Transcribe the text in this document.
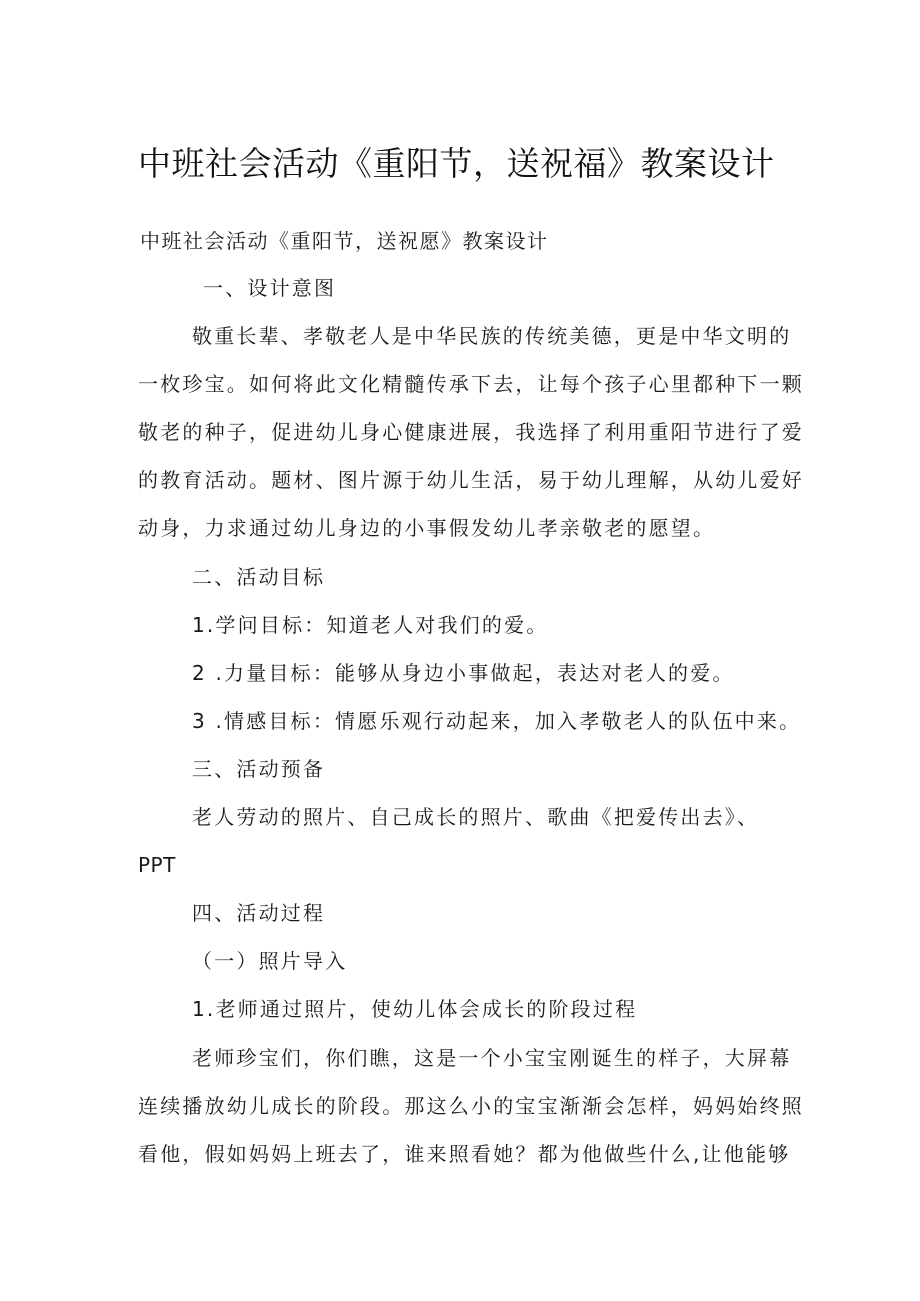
中班社会活动《重阳节，送祝福》教案设计
中班社会活动《重阳节，送祝愿》教案设计
一、设计意图
敬重长辈、孝敬老人是中华民族的传统美德，更是中华文明的
一枚珍宝。如何将此文化精髓传承下去，让每个孩子心里都种下一颗
敬老的种子，促进幼儿身心健康进展，我选择了利用重阳节进行了爱
的教育活动。题材、图片源于幼儿生活，易于幼儿理解，从幼儿爱好
动身，力求通过幼儿身边的小事假发幼儿孝亲敬老的愿望。
二、活动目标
1.学问目标：知道老人对我们的爱。
2 .力量目标：能够从身边小事做起，表达对老人的爱。
3 .情感目标：情愿乐观行动起来，加入孝敬老人的队伍中来。
三、活动预备
老人劳动的照片、自己成长的照片、歌曲《把爱传出去》、
PPT
四、活动过程
（一）照片导入
1.老师通过照片，使幼儿体会成长的阶段过程
老师珍宝们，你们瞧，这是一个小宝宝刚诞生的样子，大屏幕
连续播放幼儿成长的阶段。那这么小的宝宝渐渐会怎样，妈妈始终照
看他，假如妈妈上班去了，谁来照看她？都为他做些什么,让他能够
